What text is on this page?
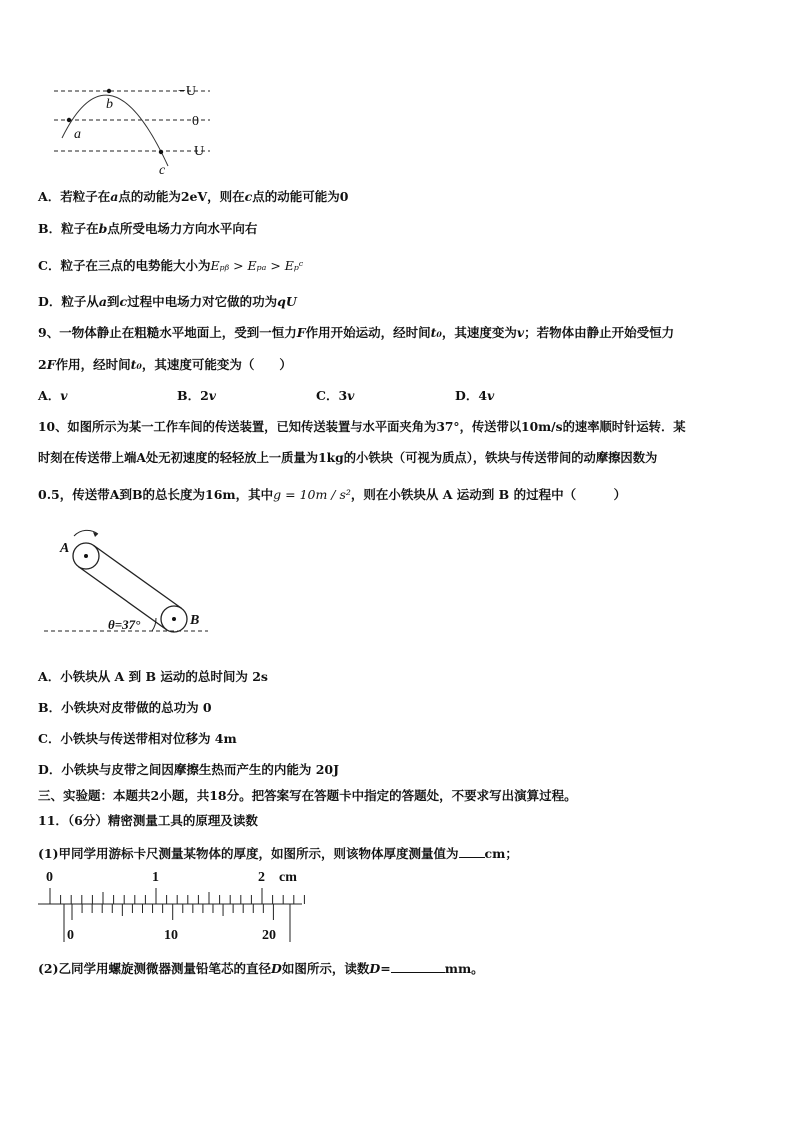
−U
0
U
a
b
c
A．若粒子在a点的动能为2eV，则在c点的动能可能为0
B．粒子在b点所受电场力方向水平向右
C．粒子在三点的电势能大小为Eₚᵦ > Eₚₐ > Eₚᶜ
D．粒子从a到c过程中电场力对它做的功为qU
9、一物体静止在粗糙水平地面上，受到一恒力F作用开始运动，经时间t₀，其速度变为v；若物体由静止开始受恒力
2F作用，经时间t₀，其速度可能变为（　　）
A．v	B．2v	C．3v	D．4v
10、如图所示为某一工作车间的传送装置，已知传送装置与水平面夹角为37°，传送带以10m/s的速率顺时针运转．某
时刻在传送带上端A处无初速度的轻轻放上一质量为1kg的小铁块（可视为质点），铁块与传送带间的动摩擦因数为
0.5，传送带A到B的总长度为16m，其中g = 10m / s²，则在小铁块从 A 运动到 B 的过程中（　　　）
A
B
θ=37°
A．小铁块从 A 到 B 运动的总时间为 2s
B．小铁块对皮带做的总功为 0
C．小铁块与传送带相对位移为 4m
D．小铁块与皮带之间因摩擦生热而产生的内能为 20J
三、实验题：本题共2小题，共18分。把答案写在答题卡中指定的答题处，不要求写出演算过程。
11．（6分）精密测量工具的原理及读数
(1)甲同学用游标卡尺测量某物体的厚度，如图所示，则该物体厚度测量值为 cm；
0	1	2 cm
0	10	20
(2)乙同学用螺旋测微器测量铅笔芯的直径D如图所示，读数D=	mm。
